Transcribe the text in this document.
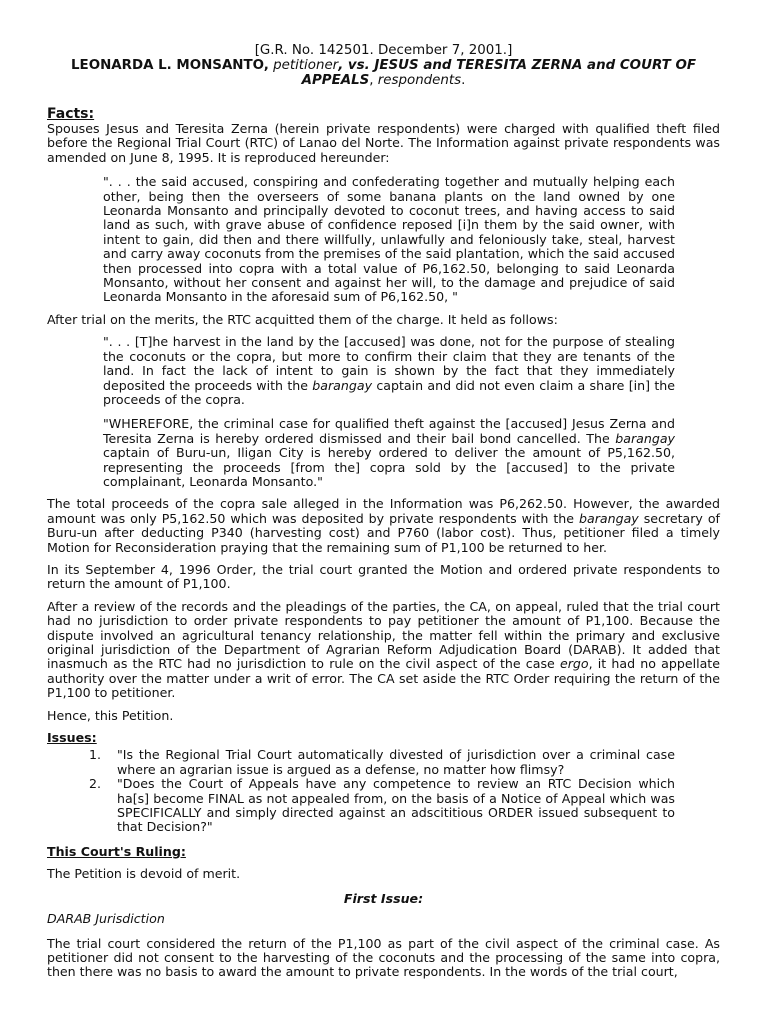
[G.R. No. 142501. December 7, 2001.]
LEONARDA L. MONSANTO, petitioner, vs. JESUS and TERESITA ZERNA and COURT OF APPEALS, respondents.
Facts:

Spouses Jesus and Teresita Zerna (herein private respondents) were charged with qualified theft filed before the Regional Trial Court (RTC) of Lanao del Norte. The Information against private respondents was amended on June 8, 1995. It is reproduced hereunder:

". . . the said accused, conspiring and confederating together and mutually helping each other, being then the overseers of some banana plants on the land owned by one Leonarda Monsanto and principally devoted to coconut trees, and having access to said land as such, with grave abuse of confidence reposed [i]n them by the said owner, with intent to gain, did then and there willfully, unlawfully and feloniously take, steal, harvest and carry away coconuts from the premises of the said plantation, which the said accused then processed into copra with a total value of P6,162.50, belonging to said Leonarda Monsanto, without her consent and against her will, to the damage and prejudice of said Leonarda Monsanto in the aforesaid sum of P6,162.50, "

After trial on the merits, the RTC acquitted them of the charge. It held as follows:

". . . [T]he harvest in the land by the [accused] was done, not for the purpose of stealing the coconuts or the copra, but more to confirm their claim that they are tenants of the land. In fact the lack of intent to gain is shown by the fact that they immediately deposited the proceeds with the barangay captain and did not even claim a share [in] the proceeds of the copra.

"WHEREFORE, the criminal case for qualified theft against the [accused] Jesus Zerna and Teresita Zerna is hereby ordered dismissed and their bail bond cancelled. The barangay captain of Buru-un, Iligan City is hereby ordered to deliver the amount of P5,162.50, representing the proceeds [from the] copra sold by the [accused] to the private complainant, Leonarda Monsanto."

The total proceeds of the copra sale alleged in the Information was P6,262.50. However, the awarded amount was only P5,162.50 which was deposited by private respondents with the barangay secretary of Buru-un after deducting P340 (harvesting cost) and P760 (labor cost). Thus, petitioner filed a timely Motion for Reconsideration praying that the remaining sum of P1,100 be returned to her.

In its September 4, 1996 Order, the trial court granted the Motion and ordered private respondents to return the amount of P1,100.

After a review of the records and the pleadings of the parties, the CA, on appeal, ruled that the trial court had no jurisdiction to order private respondents to pay petitioner the amount of P1,100. Because the dispute involved an agricultural tenancy relationship, the matter fell within the primary and exclusive original jurisdiction of the Department of Agrarian Reform Adjudication Board (DARAB). It added that inasmuch as the RTC had no jurisdiction to rule on the civil aspect of the case ergo, it had no appellate authority over the matter under a writ of error. The CA set aside the RTC Order requiring the return of the P1,100 to petitioner.

Hence, this Petition.

Issues:
1. "Is the Regional Trial Court automatically divested of jurisdiction over a criminal case where an agrarian issue is argued as a defense, no matter how flimsy?
2. "Does the Court of Appeals have any competence to review an RTC Decision which ha[s] become FINAL as not appealed from, on the basis of a Notice of Appeal which was SPECIFICALLY and simply directed against an adscititious ORDER issued subsequent to that Decision?"
This Court's Ruling:

The Petition is devoid of merit.

First Issue:
DARAB Jurisdiction

The trial court considered the return of the P1,100 as part of the civil aspect of the criminal case. As petitioner did not consent to the harvesting of the coconuts and the processing of the same into copra, then there was no basis to award the amount to private respondents. In the words of the trial court,
